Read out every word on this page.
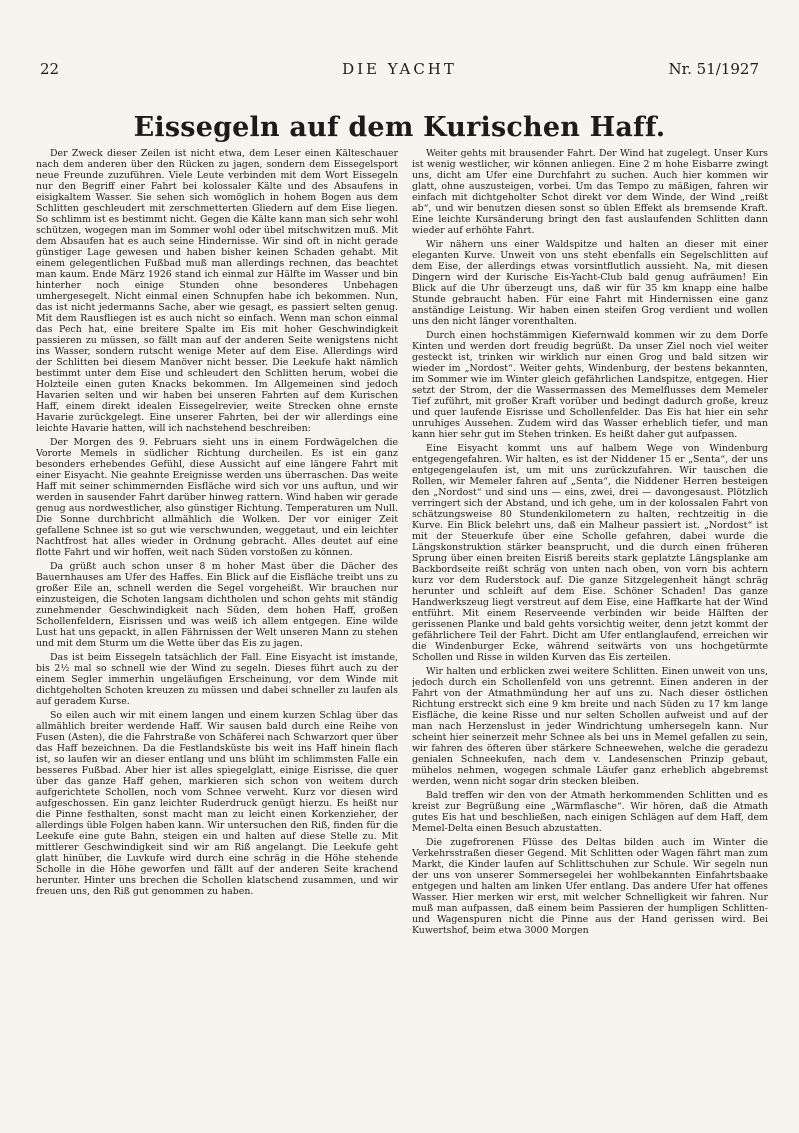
22	DIE YACHT	Nr. 51/1927
Eissegeln auf dem Kurischen Haff.

Der Zweck dieser Zeilen ist nicht etwa, dem Leser einen Kälteschauer nach dem anderen über den Rücken zu jagen, sondern dem Eissegelsport neue Freunde zuzuführen. Viele Leute verbinden mit dem Wort Eissegeln nur den Begriff einer Fahrt bei kolossaler Kälte und des Absaufens in eisigkaltem Wasser. Sie sehen sich womöglich in hohem Bogen aus dem Schlitten geschleudert mit zerschmetterten Gliedern auf dem Eise liegen. So schlimm ist es bestimmt nicht. Gegen die Kälte kann man sich sehr wohl schützen, wogegen man im Sommer wohl oder übel mitschwitzen muß. Mit dem Absaufen hat es auch seine Hindernisse. Wir sind oft in nicht gerade günstiger Lage gewesen und haben bisher keinen Schaden gehabt. Mit einem gelegentlichen Fußbad muß man allerdings rechnen, das beachtet man kaum. Ende März 1926 stand ich einmal zur Hälfte im Wasser und bin hinterher noch einige Stunden ohne besonderes Unbehagen umhergesegelt. Nicht einmal einen Schnupfen habe ich bekommen. Nun, das ist nicht jedermanns Sache, aber wie gesagt, es passiert selten genug. Mit dem Rausfliegen ist es auch nicht so einfach. Wenn man schon einmal das Pech hat, eine breitere Spalte im Eis mit hoher Geschwindigkeit passieren zu müssen, so fällt man auf der anderen Seite wenigstens nicht ins Wasser, sondern rutscht wenige Meter auf dem Eise. Allerdings wird der Schlitten bei diesem Manöver nicht besser. Die Leekufe hakt nämlich bestimmt unter dem Eise und schleudert den Schlitten herum, wobei die Holzteile einen guten Knacks bekommen. Im Allgemeinen sind jedoch Havarien selten und wir haben bei unseren Fahrten auf dem Kurischen Haff, einem direkt idealen Eissegelrevier, weite Strecken ohne ernste Havarie zurückgelegt. Eine unserer Fahrten, bei der wir allerdings eine leichte Havarie hatten, will ich nachstehend beschreiben:

Der Morgen des 9. Februars sieht uns in einem Fordwägelchen die Vororte Memels in südlicher Richtung durcheilen. Es ist ein ganz besonders erhebendes Gefühl, diese Aussicht auf eine längere Fahrt mit einer Eisyacht. Nie geahnte Ereignisse werden uns überraschen. Das weite Haff mit seiner schimmernden Eisfläche wird sich vor uns auftun, und wir werden in sausender Fahrt darüber hinweg rattern. Wind haben wir gerade genug aus nordwestlicher, also günstiger Richtung. Temperaturen um Null. Die Sonne durchbricht allmählich die Wolken. Der vor einiger Zeit gefallene Schnee ist so gut wie verschwunden, weggetaut, und ein leichter Nachtfrost hat alles wieder in Ordnung gebracht. Alles deutet auf eine flotte Fahrt und wir hoffen, weit nach Süden vorstoßen zu können.

Da grüßt auch schon unser 8 m hoher Mast über die Dächer des Bauernhauses am Ufer des Haffes. Ein Blick auf die Eisfläche treibt uns zu großer Eile an, schnell werden die Segel vorgeheißt. Wir brauchen nur einzusteigen, die Schoten langsam dichtholen und schon gehts mit ständig zunehmender Geschwindigkeit nach Süden, dem hohen Haff, großen Schollenfeldern, Eisrissen und was weiß ich allem entgegen. Eine wilde Lust hat uns gepackt, in allen Fährnissen der Welt unseren Mann zu stehen und mit dem Sturm um die Wette über das Eis zu jagen.

Das ist beim Eissegeln tatsächlich der Fall. Eine Eisyacht ist imstande, bis 2½ mal so schnell wie der Wind zu segeln. Dieses führt auch zu der einem Segler immerhin ungeläufigen Erscheinung, vor dem Winde mit dichtgeholten Schoten kreuzen zu müssen und dabei schneller zu laufen als auf geradem Kurse.

So eilen auch wir mit einem langen und einem kurzen Schlag über das allmählich breiter werdende Haff. Wir sausen bald durch eine Reihe von Fusen (Asten), die die Fahrstraße von Schäferei nach Schwarzort quer über das Haff bezeichnen. Da die Festlandsküste bis weit ins Haff hinein flach ist, so laufen wir an dieser entlang und uns blüht im schlimmsten Falle ein besseres Fußbad. Aber hier ist alles spiegelglatt, einige Eisrisse, die quer über das ganze Haff gehen, markieren sich schon von weitem durch aufgerichtete Schollen, noch vom Schnee verweht. Kurz vor diesen wird aufgeschossen. Ein ganz leichter Ruderdruck genügt hierzu. Es heißt nur die Pinne festhalten, sonst macht man zu leicht einen Korkenzieher, der allerdings üble Folgen haben kann. Wir untersuchen den Riß, finden für die Leekufe eine gute Bahn, steigen ein und halten auf diese Stelle zu. Mit mittlerer Geschwindigkeit sind wir am Riß angelangt. Die Leekufe geht glatt hinüber, die Luvkufe wird durch eine schräg in die Höhe stehende Scholle in die Höhe geworfen und fällt auf der anderen Seite krachend herunter. Hinter uns brechen die Schollen klatschend zusammen, und wir freuen uns, den Riß gut genommen zu haben.

Weiter gehts mit brausender Fahrt. Der Wind hat zugelegt. Unser Kurs ist wenig westlicher, wir können anliegen. Eine 2 m hohe Eisbarre zwingt uns, dicht am Ufer eine Durchfahrt zu suchen. Auch hier kommen wir glatt, ohne auszusteigen, vorbei. Um das Tempo zu mäßigen, fahren wir einfach mit dichtgeholter Schot direkt vor dem Winde, der Wind „reißt ab“, und wir benutzen diesen sonst so üblen Effekt als bremsende Kraft. Eine leichte Kursänderung bringt den fast auslaufenden Schlitten dann wieder auf erhöhte Fahrt.

Wir nähern uns einer Waldspitze und halten an dieser mit einer eleganten Kurve. Unweit von uns steht ebenfalls ein Segelschlitten auf dem Eise, der allerdings etwas vorsintflutlich aussieht. Na, mit diesen Dingern wird der Kurische Eis-Yacht-Club bald genug aufräumen! Ein Blick auf die Uhr überzeugt uns, daß wir für 35 km knapp eine halbe Stunde gebraucht haben. Für eine Fahrt mit Hindernissen eine ganz anständige Leistung. Wir haben einen steifen Grog verdient und wollen uns den nicht länger vorenthalten.

Durch einen hochstämmigen Kiefernwald kommen wir zu dem Dorfe Kinten und werden dort freudig begrüßt. Da unser Ziel noch viel weiter gesteckt ist, trinken wir wirklich nur einen Grog und bald sitzen wir wieder im „Nordost“. Weiter gehts, Windenburg, der bestens bekannten, im Sommer wie im Winter gleich gefährlichen Landspitze, entgegen. Hier setzt der Strom, der die Wassermassen des Memelflusses dem Memeler Tief zuführt, mit großer Kraft vorüber und bedingt dadurch große, kreuz und quer laufende Eisrisse und Schollenfelder. Das Eis hat hier ein sehr unruhiges Aussehen. Zudem wird das Wasser erheblich tiefer, und man kann hier sehr gut im Stehen trinken. Es heißt daher gut aufpassen.

Eine Eisyacht kommt uns auf halbem Wege von Windenburg entgegengefahren. Wir halten, es ist der Niddener 15 er „Senta“, der uns entgegengelaufen ist, um mit uns zurückzufahren. Wir tauschen die Rollen, wir Memeler fahren auf „Senta“, die Niddener Herren besteigen den „Nordost“ und sind uns — eins, zwei, drei — davongesaust. Plötzlich verringert sich der Abstand, und ich gehe, um in der kolossalen Fahrt von schätzungsweise 80 Stundenkilometern zu halten, rechtzeitig in die Kurve. Ein Blick belehrt uns, daß ein Malheur passiert ist. „Nordost“ ist mit der Steuerkufe über eine Scholle gefahren, dabei wurde die Längskonstruktion stärker beansprucht, und die durch einen früheren Sprung über einen breiten Eisriß bereits stark geplatzte Längsplanke am Backbordseite reißt schräg von unten nach oben, von vorn bis achtern kurz vor dem Ruderstock auf. Die ganze Sitzgelegenheit hängt schräg herunter und schleift auf dem Eise. Schöner Schaden! Das ganze Handwerkszeug liegt verstreut auf dem Eise, eine Haffkarte hat der Wind entführt. Mit einem Reserveende verbinden wir beide Hälften der gerissenen Planke und bald gehts vorsichtig weiter, denn jetzt kommt der gefährlichere Teil der Fahrt. Dicht am Ufer entlanglaufend, erreichen wir die Windenburger Ecke, während seitwärts von uns hochgetürmte Schollen und Risse in wilden Kurven das Eis zerteilen.

Wir halten und erblicken zwei weitere Schlitten. Einen unweit von uns, jedoch durch ein Schollenfeld von uns getrennt. Einen anderen in der Fahrt von der Atmathmündung her auf uns zu. Nach dieser östlichen Richtung erstreckt sich eine 9 km breite und nach Süden zu 17 km lange Eisfläche, die keine Risse und nur selten Schollen aufweist und auf der man nach Herzenslust in jeder Windrichtung umhersegeln kann. Nur scheint hier seinerzeit mehr Schnee als bei uns in Memel gefallen zu sein, wir fahren des öfteren über stärkere Schneewehen, welche die geradezu genialen Schneekufen, nach dem v. Landesenschen Prinzip gebaut, mühelos nehmen, wogegen schmale Läufer ganz erheblich abgebremst werden, wenn nicht sogar drin stecken bleiben.

Bald treffen wir den von der Atmath herkommenden Schlitten und es kreist zur Begrüßung eine „Wärmflasche“. Wir hören, daß die Atmath gutes Eis hat und beschließen, nach einigen Schlägen auf dem Haff, dem Memel-Delta einen Besuch abzustatten.

Die zugefrorenen Flüsse des Deltas bilden auch im Winter die Verkehrsstraßen dieser Gegend. Mit Schlitten oder Wagen fährt man zum Markt, die Kinder laufen auf Schlittschuhen zur Schule. Wir segeln nun der uns von unserer Sommersegelei her wohlbekannten Einfahrtsbaake entgegen und halten am linken Ufer entlang. Das andere Ufer hat offenes Wasser. Hier merken wir erst, mit welcher Schnelligkeit wir fahren. Nur muß man aufpassen, daß einem beim Passieren der humpligen Schlitten- und Wagenspuren nicht die Pinne aus der Hand gerissen wird. Bei Kuwertshof, beim etwa 3000 Morgen
